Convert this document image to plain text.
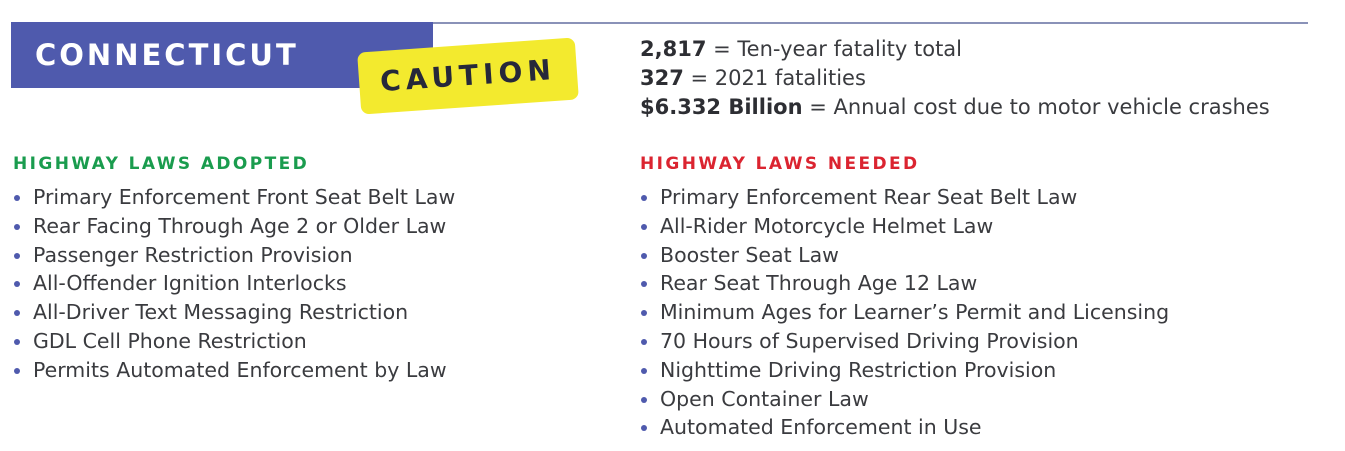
CONNECTICUT	CAUTION
2,817 = Ten-year fatality total
327 = 2021 fatalities
$6.332 Billion = Annual cost due to motor vehicle crashes
HIGHWAY LAWS ADOPTED
Primary Enforcement Front Seat Belt Law
Rear Facing Through Age 2 or Older Law
Passenger Restriction Provision
All-Offender Ignition Interlocks
All-Driver Text Messaging Restriction
GDL Cell Phone Restriction
Permits Automated Enforcement by Law
HIGHWAY LAWS NEEDED
Primary Enforcement Rear Seat Belt Law
All-Rider Motorcycle Helmet Law
Booster Seat Law
Rear Seat Through Age 12 Law
Minimum Ages for Learner’s Permit and Licensing
70 Hours of Supervised Driving Provision
Nighttime Driving Restriction Provision
Open Container Law
Automated Enforcement in Use
